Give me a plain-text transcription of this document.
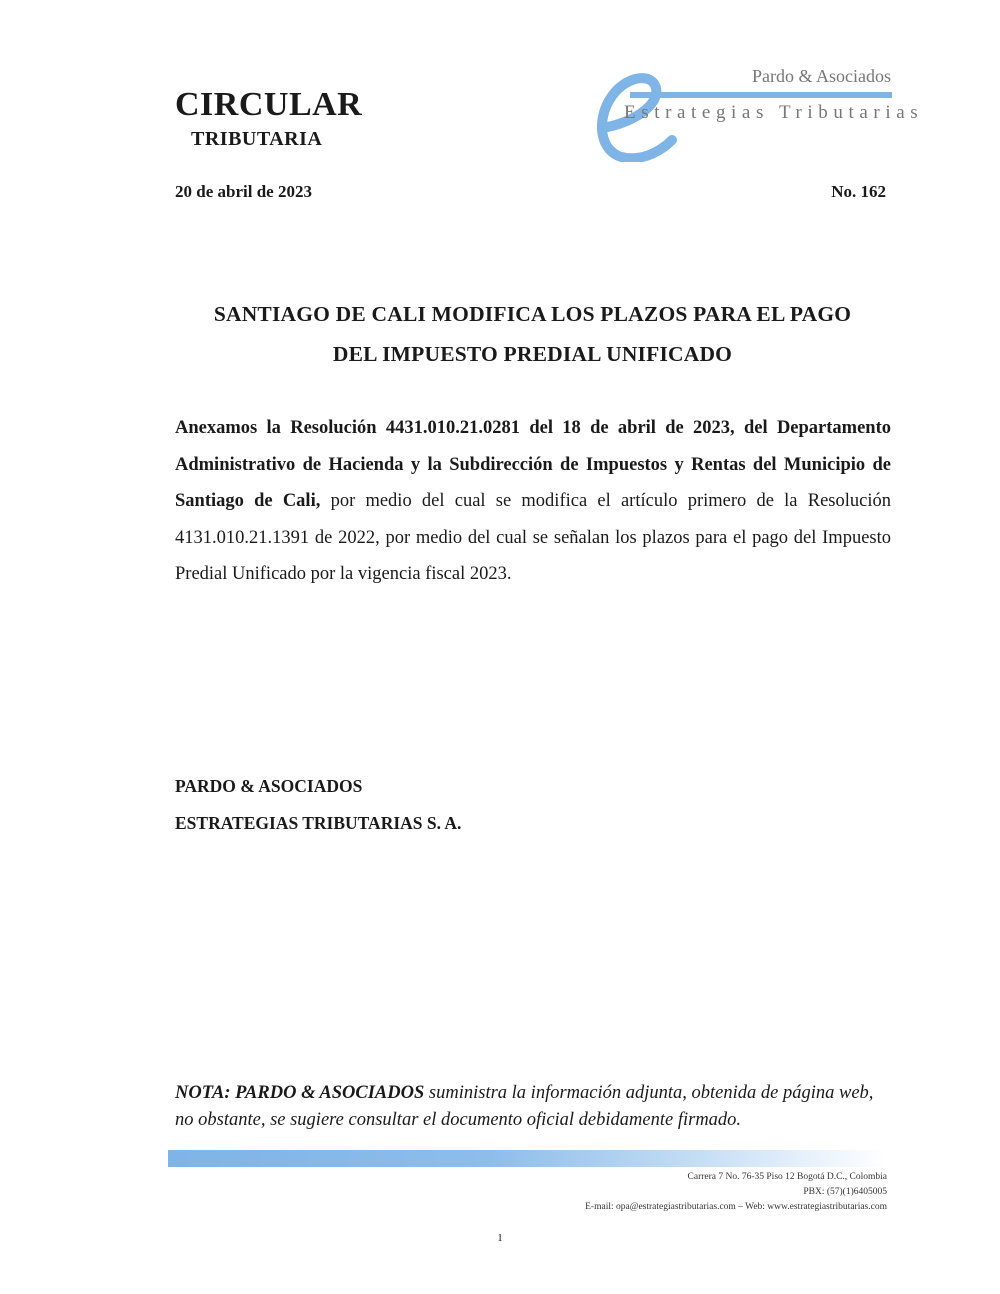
CIRCULAR
TRIBUTARIA
Pardo & Asociados
Estrategias Tributarias
20 de abril de 2023	No. 162
SANTIAGO DE CALI MODIFICA LOS PLAZOS PARA EL PAGO
DEL IMPUESTO PREDIAL UNIFICADO
Anexamos la Resolución 4431.010.21.0281 del 18 de abril de 2023, del Departamento Administrativo de Hacienda y la Subdirección de Impuestos y Rentas del Municipio de Santiago de Cali, por medio del cual se modifica el artículo primero de la Resolución 4131.010.21.1391 de 2022, por medio del cual se señalan los plazos para el pago del Impuesto Predial Unificado por la vigencia fiscal 2023.
PARDO & ASOCIADOS
ESTRATEGIAS TRIBUTARIAS S. A.
NOTA: PARDO & ASOCIADOS suministra la información adjunta, obtenida de página web, no obstante, se sugiere consultar el documento oficial debidamente firmado.
Carrera 7 No. 76-35 Piso 12 Bogotá D.C., Colombia
PBX: (57)(1)6405005
E-mail: opa@estrategiastributarias.com – Web: www.estrategiastributarias.com
1
